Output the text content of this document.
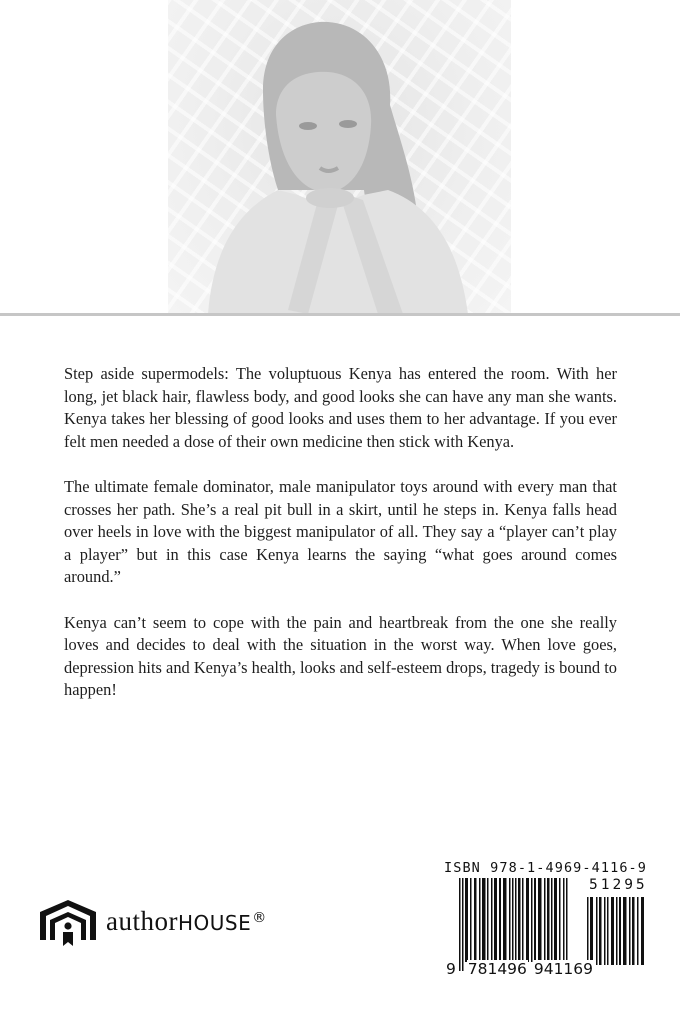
Step aside supermodels: The voluptuous Kenya has entered the room. With her long, jet black hair, flawless body, and good looks she can have any man she wants. Kenya takes her blessing of good looks and uses them to her advantage. If you ever felt men needed a dose of their own medicine then stick with Kenya.

The ultimate female dominator, male manipulator toys around with every man that crosses her path. She’s a real pit bull in a skirt, until he steps in. Kenya falls head over heels in love with the biggest manipulator of all. They say a “player can’t play a player” but in this case Kenya learns the saying “what goes around comes around.”

Kenya can’t seem to cope with the pain and heartbreak from the one she really loves and decides to deal with the situation in the worst way. When love goes, depression hits and Kenya’s health, looks and self-esteem drops, tragedy is bound to happen!

author HOUSE ®
ISBN 978-1-4969-4116-9
51295
9 781496 941169
